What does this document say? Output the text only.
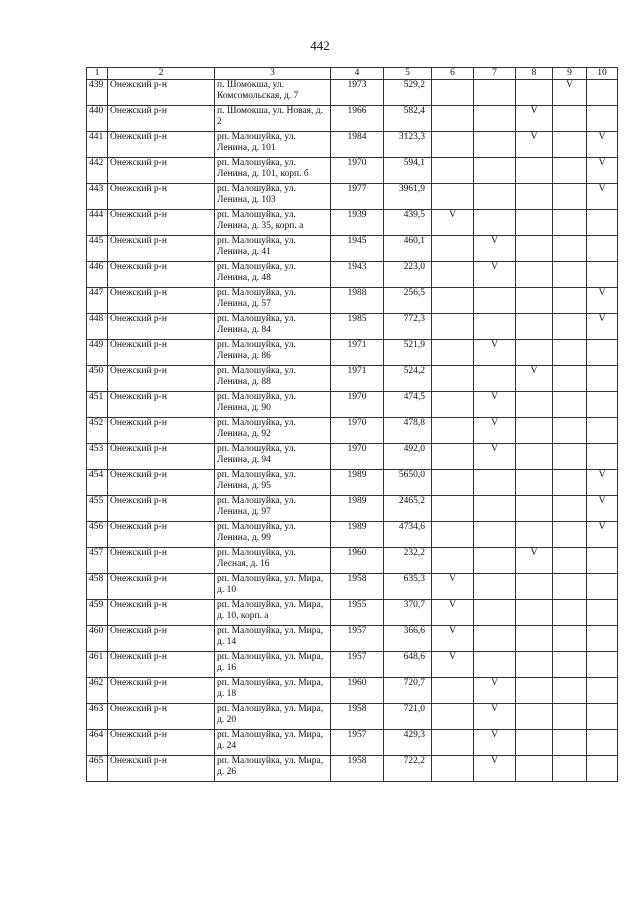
442
1	2	3	4	5	6	7	8	9	10
439	Онежский р-н	п. Шомокша, ул. Комсомольская, д. 7	1973	529,2				V	
440	Онежский р-н	п. Шомокша, ул. Новая, д. 2	1966	582,4			V		
441	Онежский р-н	рп. Малошуйка, ул. Ленина, д. 101	1984	3123,3			V		V
442	Онежский р-н	рп. Малошуйка, ул. Ленина, д. 101, корп. б	1970	594,1					V
443	Онежский р-н	рп. Малошуйка, ул. Ленина, д. 103	1977	3961,9					V
444	Онежский р-н	рп. Малошуйка, ул. Ленина, д. 35, корп. а	1939	439,5	V				
445	Онежский р-н	рп. Малошуйка, ул. Ленина, д. 41	1945	460,1		V			
446	Онежский р-н	рп. Малошуйка, ул. Ленина, д. 48	1943	223,0		V			
447	Онежский р-н	рп. Малошуйка, ул. Ленина, д. 57	1988	256,5					V
448	Онежский р-н	рп. Малошуйка, ул. Ленина, д. 84	1985	772,3					V
449	Онежский р-н	рп. Малошуйка, ул. Ленина, д. 86	1971	521,9		V			
450	Онежский р-н	рп. Малошуйка, ул. Ленина, д. 88	1971	524,2			V		
451	Онежский р-н	рп. Малошуйка, ул. Ленина, д. 90	1970	474,5		V			
452	Онежский р-н	рп. Малошуйка, ул. Ленина, д. 92	1970	478,8		V			
453	Онежский р-н	рп. Малошуйка, ул. Ленина, д. 94	1970	492,0		V			
454	Онежский р-н	рп. Малошуйка, ул. Ленина, д. 95	1989	5650,0					V
455	Онежский р-н	рп. Малошуйка, ул. Ленина, д. 97	1989	2465,2					V
456	Онежский р-н	рп. Малошуйка, ул. Ленина, д. 99	1989	4734,6					V
457	Онежский р-н	рп. Малошуйка, ул. Лесная, д. 16	1960	232,2			V		
458	Онежский р-н	рп. Малошуйка, ул. Мира, д. 10	1958	635,3	V				
459	Онежский р-н	рп. Малошуйка, ул. Мира, д. 10, корп. а	1955	370,7	V				
460	Онежский р-н	рп. Малошуйка, ул. Мира, д. 14	1957	366,6	V				
461	Онежский р-н	рп. Малошуйка, ул. Мира, д. 16	1957	648,6	V				
462	Онежский р-н	рп. Малошуйка, ул. Мира, д. 18	1960	720,7		V			
463	Онежский р-н	рп. Малошуйка, ул. Мира, д. 20	1958	721,0		V			
464	Онежский р-н	рп. Малошуйка, ул. Мира, д. 24	1957	429,3		V			
465	Онежский р-н	рп. Малошуйка, ул. Мира, д. 26	1958	722,2		V			
